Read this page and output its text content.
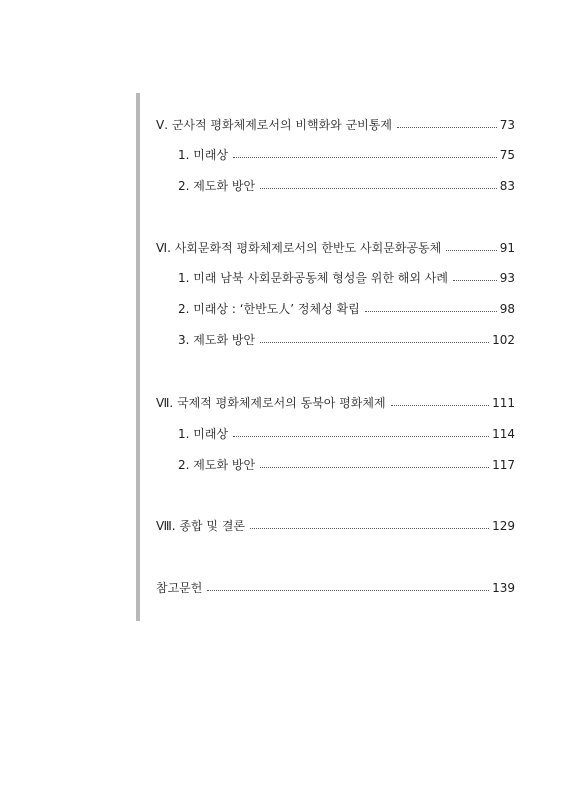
Ⅴ. 군사적 평화체제로서의 비핵화와 군비통제	73
1. 미래상	75
2. 제도화 방안	83
Ⅵ. 사회문화적 평화체제로서의 한반도 사회문화공동체	91
1. 미래 남북 사회문화공동체 형성을 위한 해외 사례	93
2. 미래상 : ‘한반도人’ 정체성 확립	98
3. 제도화 방안	102
Ⅶ. 국제적 평화체제로서의 동북아 평화체제	111
1. 미래상	114
2. 제도화 방안	117
Ⅷ. 종합 및 결론	129
참고문헌	139
